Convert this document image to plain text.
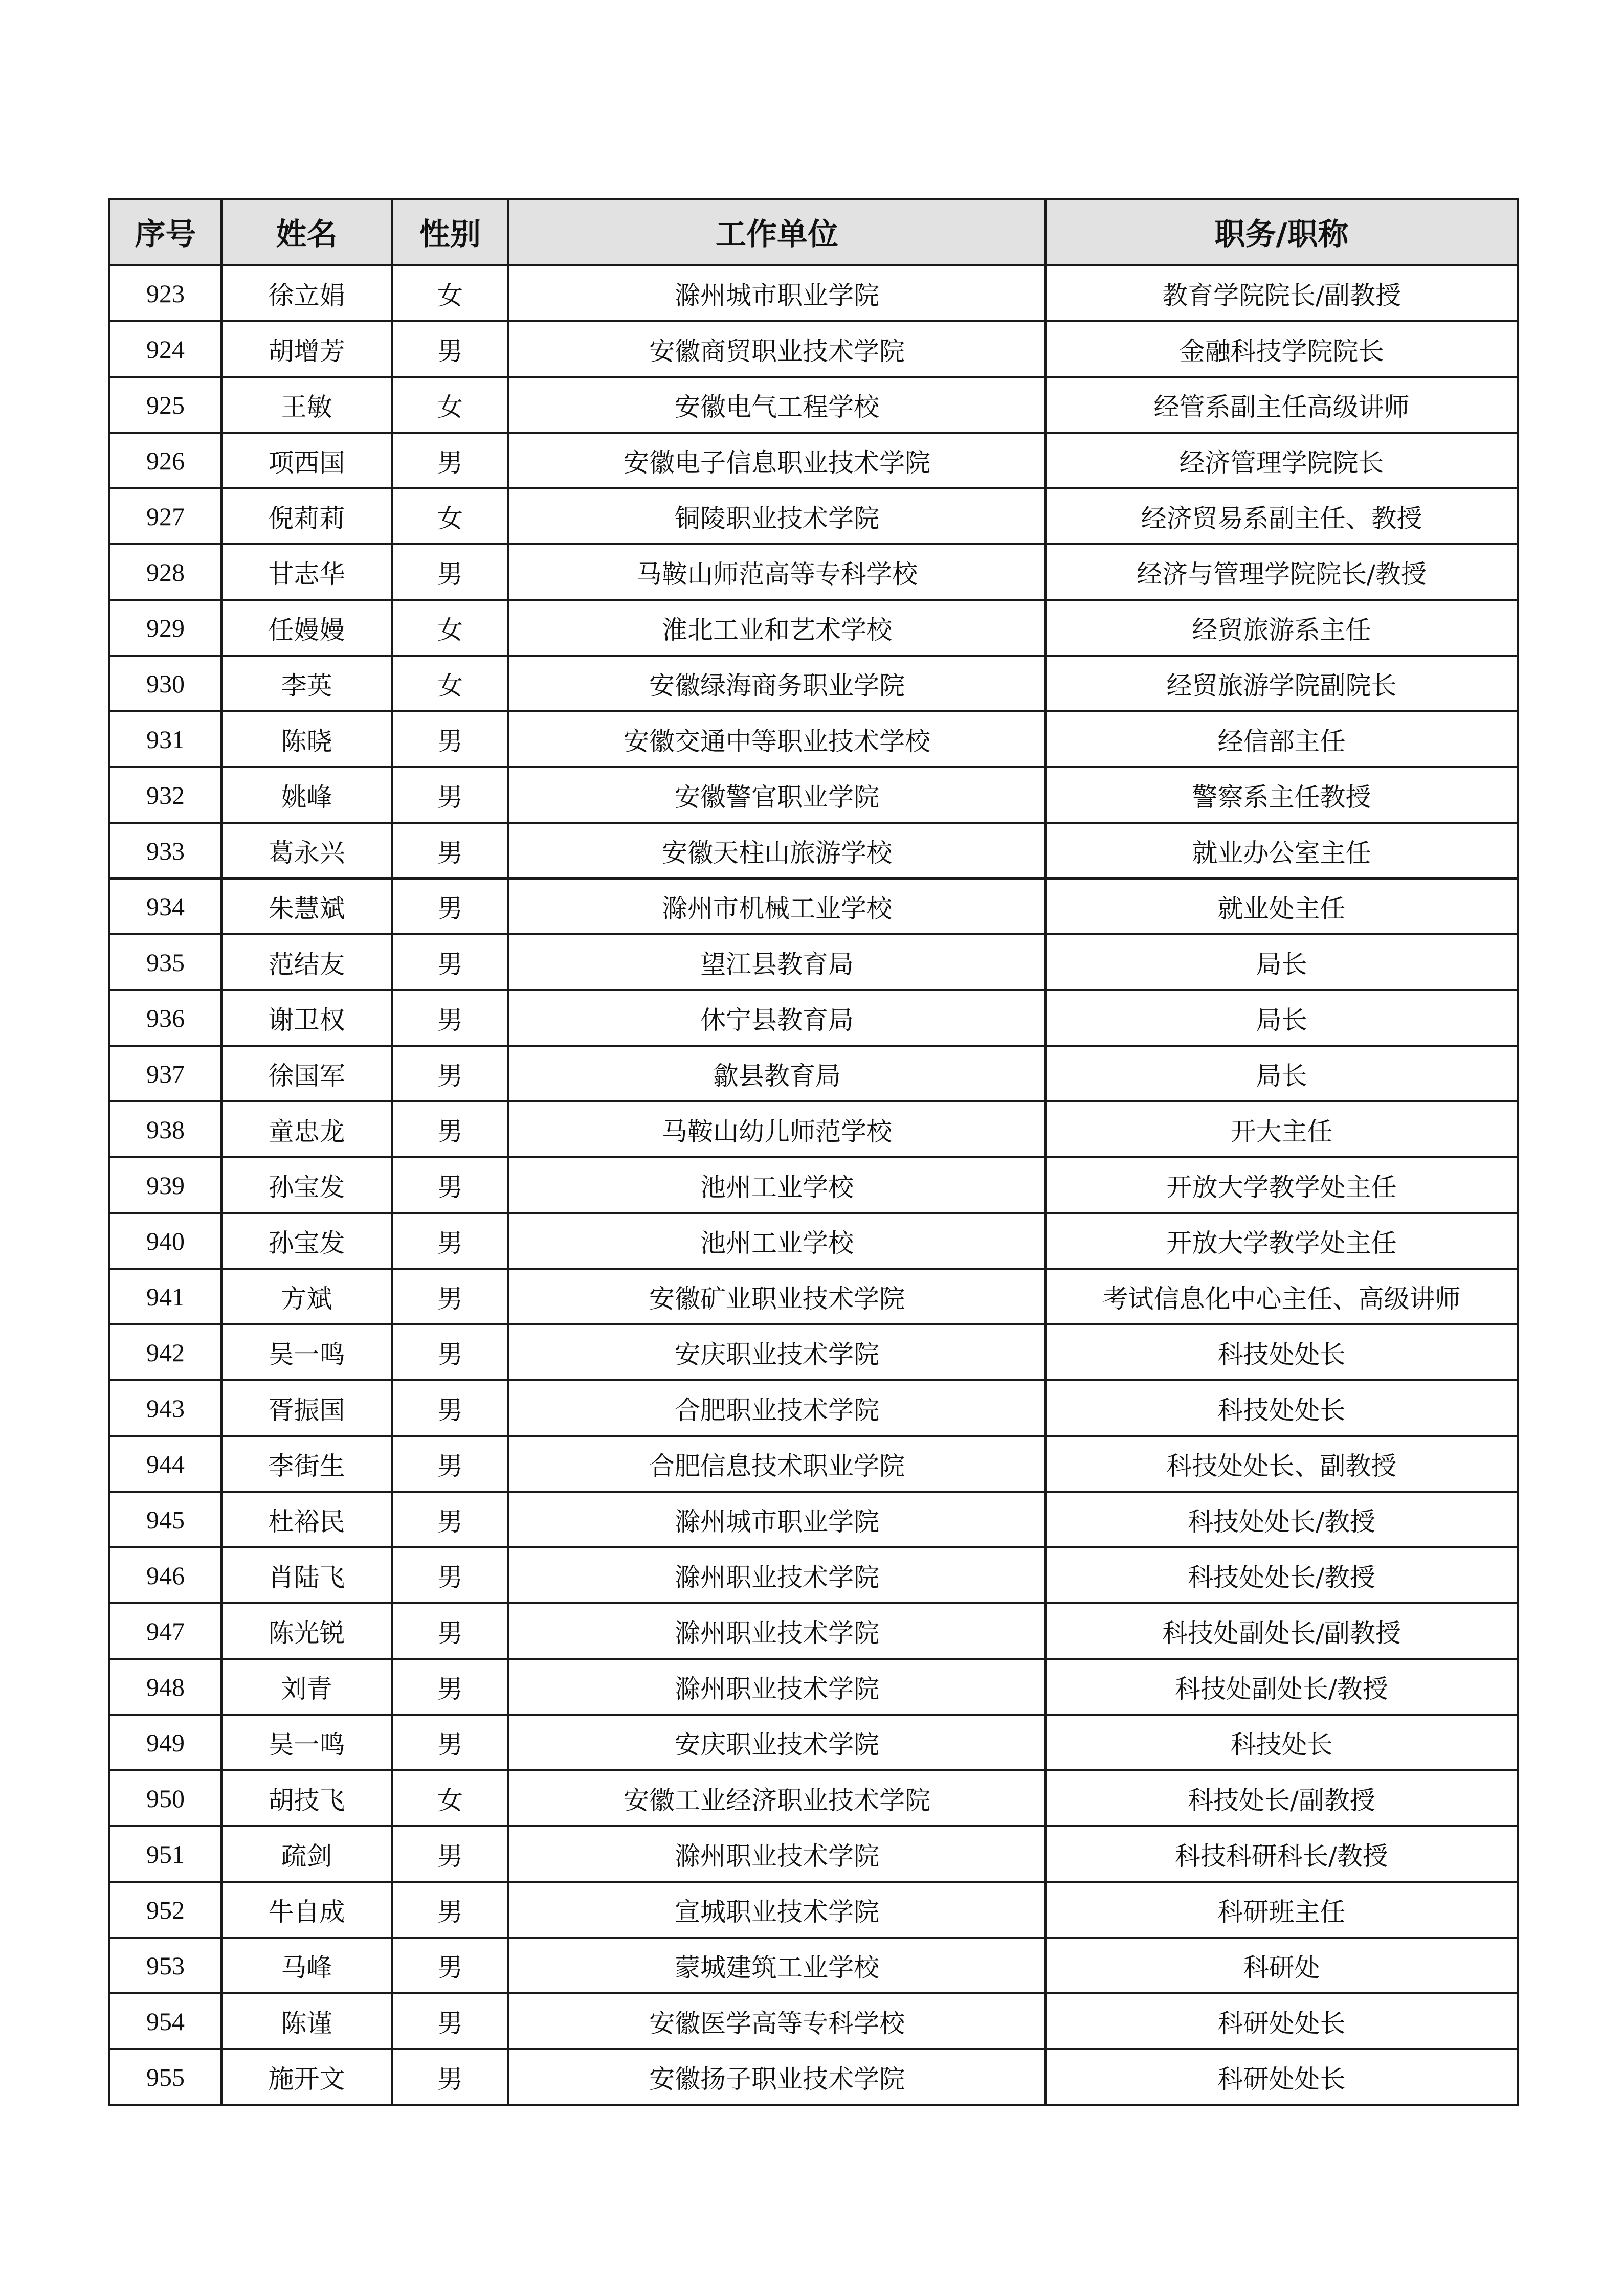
序号	姓名	性别	工作单位	职务/职称
923	徐立娟	女	滁州城市职业学院	教育学院院长/副教授
924	胡增芳	男	安徽商贸职业技术学院	金融科技学院院长
925	王敏	女	安徽电气工程学校	经管系副主任高级讲师
926	项西国	男	安徽电子信息职业技术学院	经济管理学院院长
927	倪莉莉	女	铜陵职业技术学院	经济贸易系副主任、教授
928	甘志华	男	马鞍山师范高等专科学校	经济与管理学院院长/教授
929	任嫚嫚	女	淮北工业和艺术学校	经贸旅游系主任
930	李英	女	安徽绿海商务职业学院	经贸旅游学院副院长
931	陈晓	男	安徽交通中等职业技术学校	经信部主任
932	姚峰	男	安徽警官职业学院	警察系主任教授
933	葛永兴	男	安徽天柱山旅游学校	就业办公室主任
934	朱慧斌	男	滁州市机械工业学校	就业处主任
935	范结友	男	望江县教育局	局长
936	谢卫权	男	休宁县教育局	局长
937	徐国军	男	歙县教育局	局长
938	童忠龙	男	马鞍山幼儿师范学校	开大主任
939	孙宝发	男	池州工业学校	开放大学教学处主任
940	孙宝发	男	池州工业学校	开放大学教学处主任
941	方斌	男	安徽矿业职业技术学院	考试信息化中心主任、高级讲师
942	吴一鸣	男	安庆职业技术学院	科技处处长
943	胥振国	男	合肥职业技术学院	科技处处长
944	李街生	男	合肥信息技术职业学院	科技处处长、副教授
945	杜裕民	男	滁州城市职业学院	科技处处长/教授
946	肖陆飞	男	滁州职业技术学院	科技处处长/教授
947	陈光锐	男	滁州职业技术学院	科技处副处长/副教授
948	刘青	男	滁州职业技术学院	科技处副处长/教授
949	吴一鸣	男	安庆职业技术学院	科技处长
950	胡技飞	女	安徽工业经济职业技术学院	科技处长/副教授
951	疏剑	男	滁州职业技术学院	科技科研科长/教授
952	牛自成	男	宣城职业技术学院	科研班主任
953	马峰	男	蒙城建筑工业学校	科研处
954	陈谨	男	安徽医学高等专科学校	科研处处长
955	施开文	男	安徽扬子职业技术学院	科研处处长
